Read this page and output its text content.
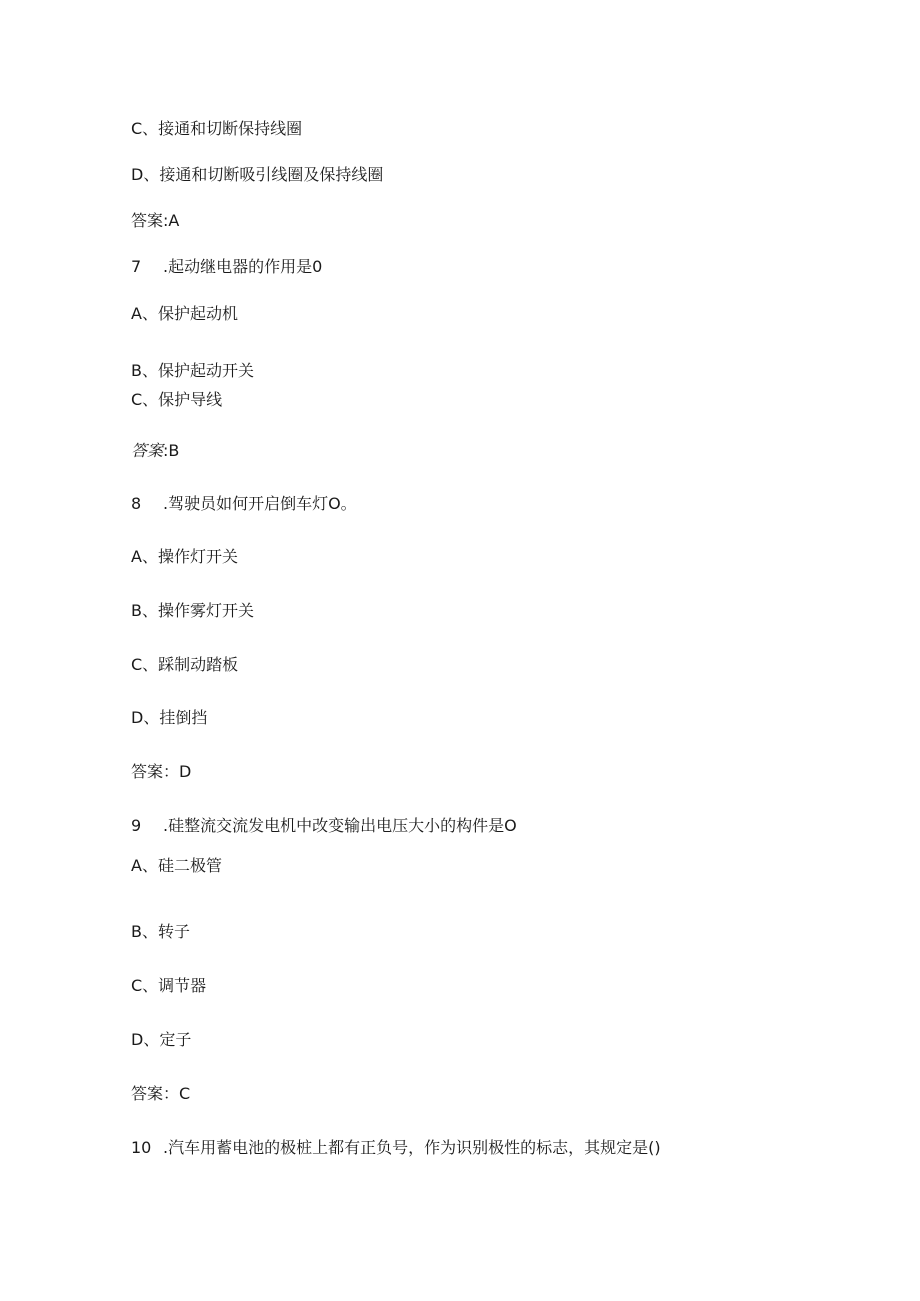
C、接通和切断保持线圈
D、接通和切断吸引线圈及保持线圈
答案:A
7 .起动继电器的作用是0
A、保护起动机
B、保护起动开关
C、保护导线
答案:B
8 .驾驶员如何开启倒车灯O。
A、操作灯开关
B、操作雾灯开关
C、踩制动踏板
D、挂倒挡
答案：D
9 .硅整流交流发电机中改变输出电压大小的构件是O
A、硅二极管
B、转子
C、调节器
D、定子
答案：C
10 .汽车用蓄电池的极桩上都有正负号，作为识别极性的标志，其规定是()
